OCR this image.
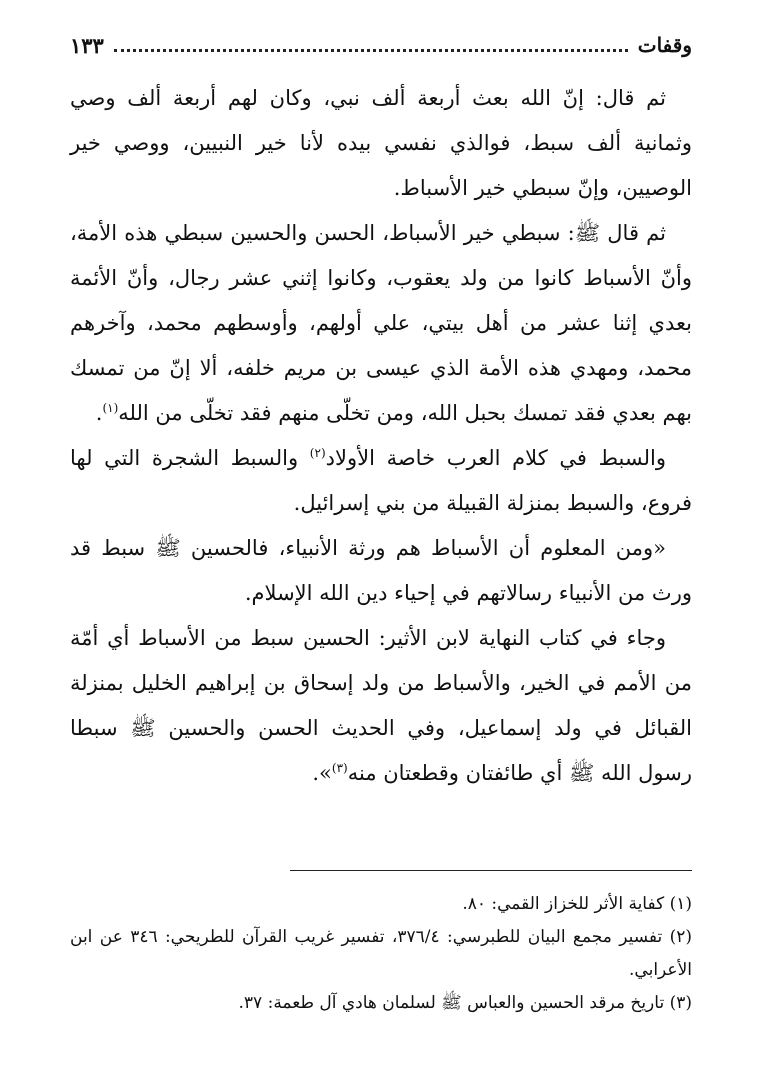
وقفات
١٣٣

ثم قال: إنّ الله بعث أربعة ألف نبي، وكان لهم أربعة ألف وصي وثمانية ألف سبط، فوالذي نفسي بيده لأنا خير النبيين، ووصي خير الوصيين، وإنّ سبطي خير الأسباط.

ثم قال ﷺ: سبطي خير الأسباط، الحسن والحسين سبطي هذه الأمة، وأنّ الأسباط كانوا من ولد يعقوب، وكانوا إثني عشر رجال، وأنّ الأئمة بعدي إثنا عشر من أهل بيتي، علي أولهم، وأوسطهم محمد، وآخرهم محمد، ومهدي هذه الأمة الذي عيسى بن مريم خلفه، ألا إنّ من تمسك بهم بعدي فقد تمسك بحبل الله، ومن تخلّى منهم فقد تخلّى من الله$^{(١)}$.

والسبط في كلام العرب خاصة الأولاد$^{(٢)}$ والسبط الشجرة التي لها فروع، والسبط بمنزلة القبيلة من بني إسرائيل.

«ومن المعلوم أن الأسباط هم ورثة الأنبياء، فالحسين ﷺ سبط قد ورث من الأنبياء رسالاتهم في إحياء دين الله الإسلام.

وجاء في كتاب النهاية لابن الأثير: الحسين سبط من الأسباط أي أمّة من الأمم في الخير، والأسباط من ولد إسحاق بن إبراهيم الخليل بمنزلة القبائل في ولد إسماعيل، وفي الحديث الحسن والحسين ﷺ سبطا رسول الله ﷺ أي طائفتان وقطعتان منه$^{(٣)}$».

(١) كفاية الأثر للخزاز القمي: ٨٠.

(٢) تفسير مجمع البيان للطبرسي: ٣٧٦/٤، تفسير غريب القرآن للطريحي: ٣٤٦ عن ابن الأعرابي.

(٣) تاريخ مرقد الحسين والعباس ﷺ لسلمان هادي آل طعمة: ٣٧.
